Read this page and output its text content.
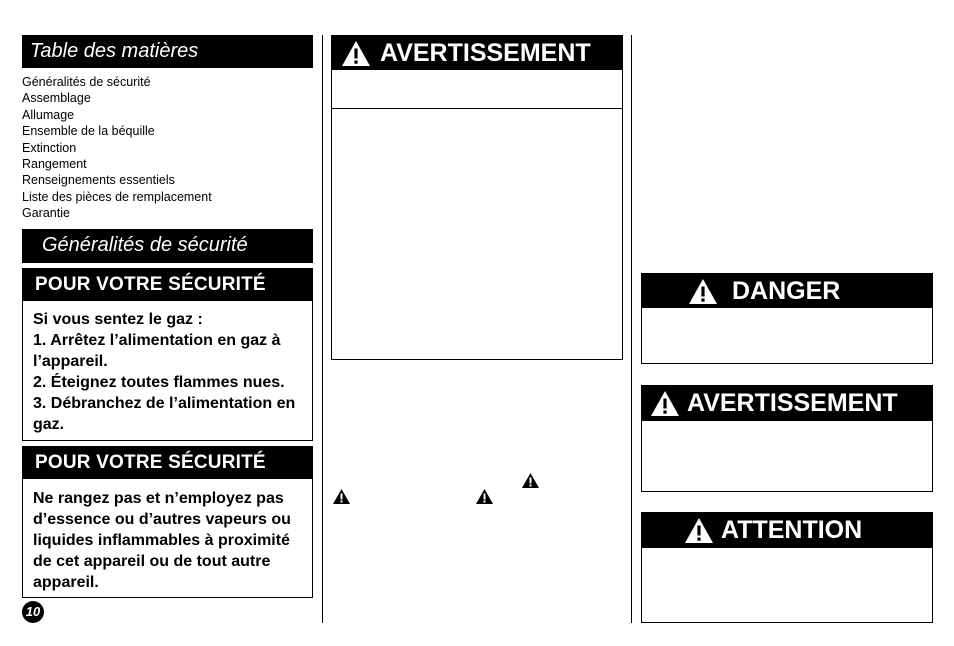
Table des matières
Généralités de sécurité
Assemblage
Allumage
Ensemble de la béquille
Extinction
Rangement
Renseignements essentiels
Liste des pièces de remplacement
Garantie
Généralités de sécurité
POUR VOTRE SÉCURITÉ
Si vous sentez le gaz :
1. Arrêtez l’alimentation en gaz à l’appareil.
2. Éteignez toutes flammes nues.
3. Débranchez de l’alimentation en gaz.
POUR VOTRE SÉCURITÉ
Ne rangez pas et n’employez pas d’essence ou d’autres vapeurs ou liquides inflammables à proximité de cet appareil ou de tout autre appareil.
10
AVERTISSEMENT
DANGER
AVERTISSEMENT
ATTENTION
